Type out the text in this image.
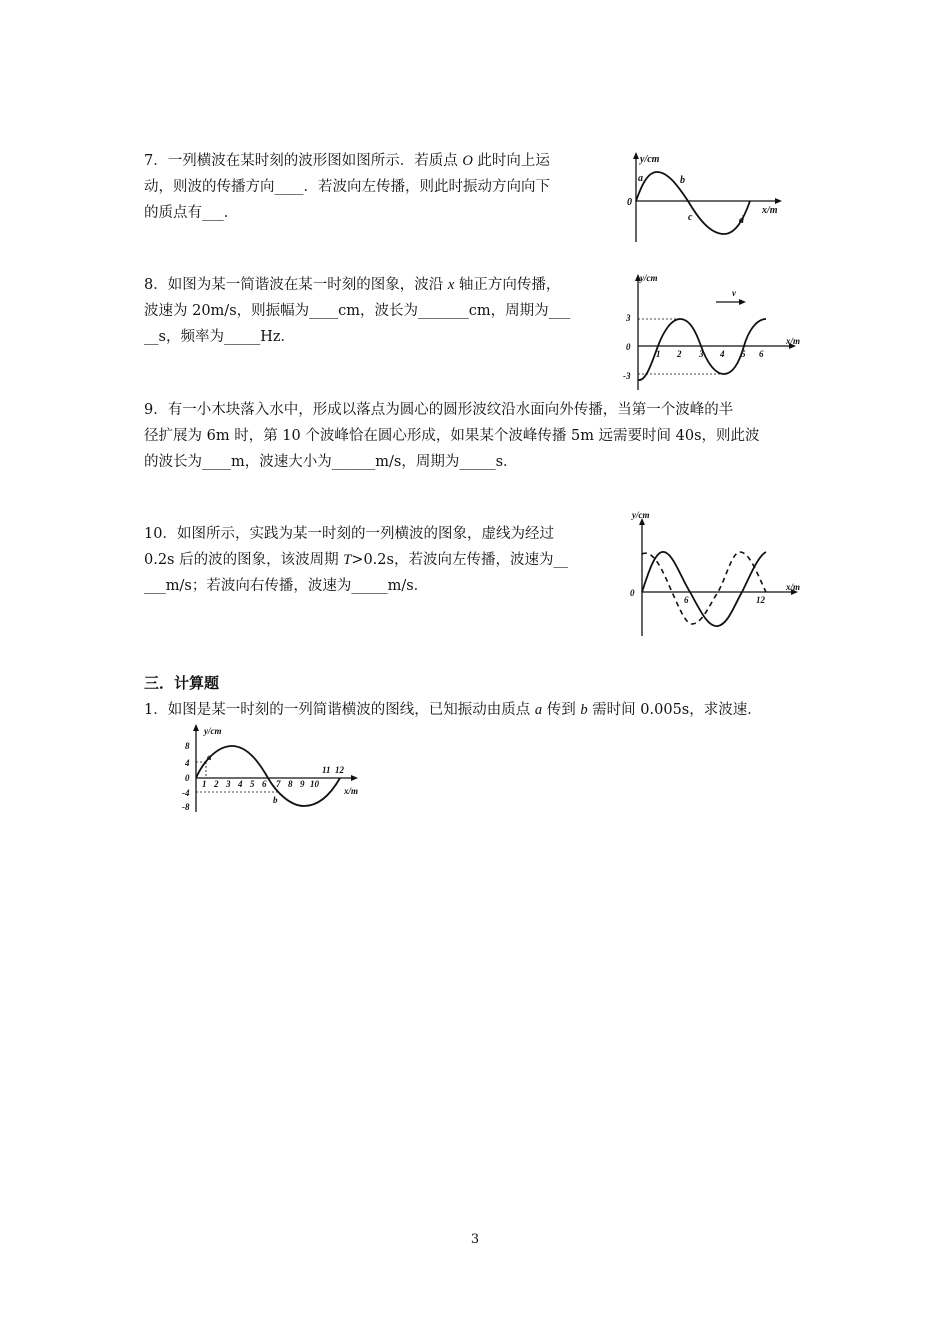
7．一列横波在某时刻的波形图如图所示．若质点 O 此时向上运

动，则波的传播方向____．若波向左传播，则此时振动方向向下

的质点有___．

y/cm
x/m
0
a	b
c	d

8．如图为某一简谐波在某一时刻的图象，波沿 x 轴正方向传播，

波速为 20m/s，则振幅为____cm，波长为_______cm，周期为___

__s，频率为_____Hz．

v
y/cm
x/m
3
0
-3
1 2 3 4 5 6

9．有一小木块落入水中，形成以落点为圆心的圆形波纹沿水面向外传播，当第一个波峰的半

径扩展为 6m 时，第 10 个波峰恰在圆心形成，如果某个波峰传播 5m 远需要时间 40s，则此波

的波长为____m，波速大小为______m/s，周期为_____s．

10．如图所示，实践为某一时刻的一列横波的图象，虚线为经过

0.2s 后的波的图象，该波周期 T>0.2s，若波向左传播，波速为__

___m/s；若波向右传播，波速为_____m/s．

y/cm
x/m
0
6	12
三．计算题

1．如图是某一时刻的一列简谐横波的图线，已知振动由质点 a 传到 b 需时间 0.005s，求波速．

y/cm
x/m
8
4
0
-4
-8
1 2 3 4 5 6 7 8 9 10
11 12
a
b
3
